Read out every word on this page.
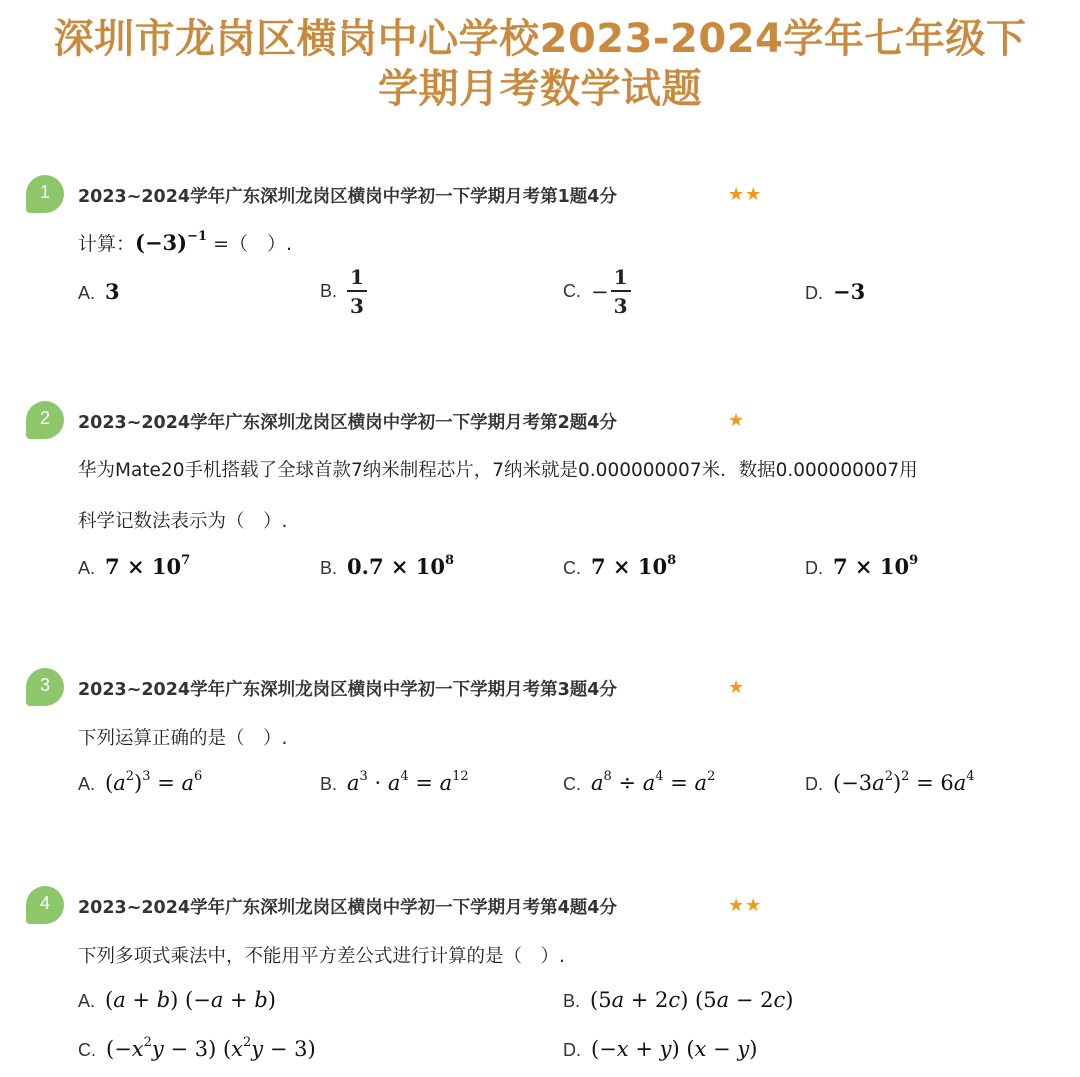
深圳市龙岗区横岗中心学校2023-2024学年七年级下
学期月考数学试题
1	2023~2024学年广东深圳龙岗区横岗中学初一下学期月考第1题4分	★★
计算：$(-3)^{-1}$ =（　）.
A. 3	B. $\frac{1}{3}$	C. − $\frac{1}{3}$	D. −3
2	2023~2024学年广东深圳龙岗区横岗中学初一下学期月考第2题4分	★
华为Mate20手机搭载了全球首款7纳米制程芯片，7纳米就是0.000000007米．数据0.000000007用
科学记数法表示为（　）.
A. $7 \times 10^7$	B. $0.7 \times 10^8$	C. $7 \times 10^8$	D. $7 \times 10^9$
3	2023~2024学年广东深圳龙岗区横岗中学初一下学期月考第3题4分	★
下列运算正确的是（　）.
A. $(a^2)^3 = a^6$	B. $a^3 \cdot a^4 = a^{12}$	C. $a^8 \div a^4 = a^2$	D. $(-3a^2)^2 = 6a^4$
4	2023~2024学年广东深圳龙岗区横岗中学初一下学期月考第4题4分	★★
下列多项式乘法中，不能用平方差公式进行计算的是（　）.
A. (a + b) (−a + b)	B. (5a + 2c) (5a − 2c)
C. $(-x^2y - 3) (x^2y - 3)$	D. (−x + y) (x − y)
